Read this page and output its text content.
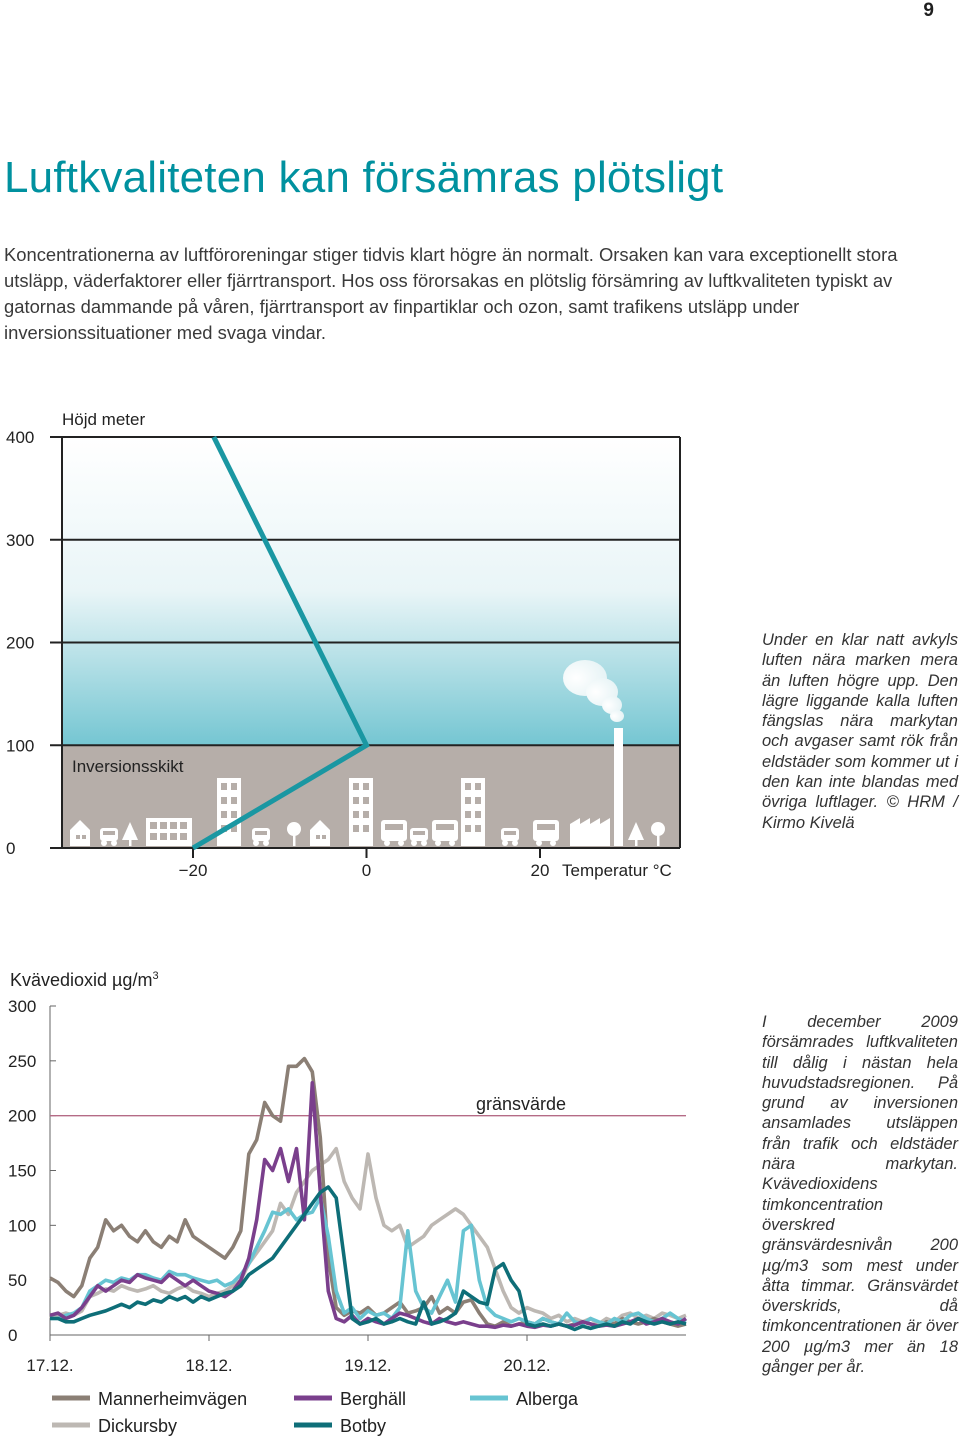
9
Luftkvaliteten kan försämras plötsligt

Koncentrationerna av luftföroreningar stiger tidvis klart högre än normalt. Orsaken kan vara exceptionellt stora utsläpp, väderfaktorer eller fjärrtransport. Hos oss förorsakas en plötslig försämring av luftkvaliteten typiskt av gatornas dammande på våren, fjärrtransport av finpartiklar och ozon, samt trafikens utsläpp under inversionssituationer med svaga vindar.

0
100
200
300
400
−20	0	20
Höjd meter
Temperatur °C
Inversionsskikt

Under en klar natt avkyls luften nära marken mera än luften högre upp. Den lägre liggande kalla luften fängslas nära markytan och avgaser samt rök från eldstäder som kommer ut i den kan inte blandas med övriga luftlager. © HRM / Kirmo Kivelä

Kvävedioxid $\mu g/m^3$
0
50
100
150
200
250
300
17.12.	18.12.	19.12.	20.12.
gränsvärde
Mannerheimvägen	Berghäll	Alberga
Dickursby	Botby

I december 2009 försämrades luftkvaliteten till dålig i nästan hela huvudstadsregionen. På grund av inversionen ansamlades utsläppen från trafik och eldstäder nära markytan. Kvävedioxidens timkoncentration överskred gränsvärdesnivån 200 µg/m3 som mest under åtta timmar. Gränsvärdet överskrids, då timkoncentrationen är över 200 µg/m3 mer än 18 gånger per år.
